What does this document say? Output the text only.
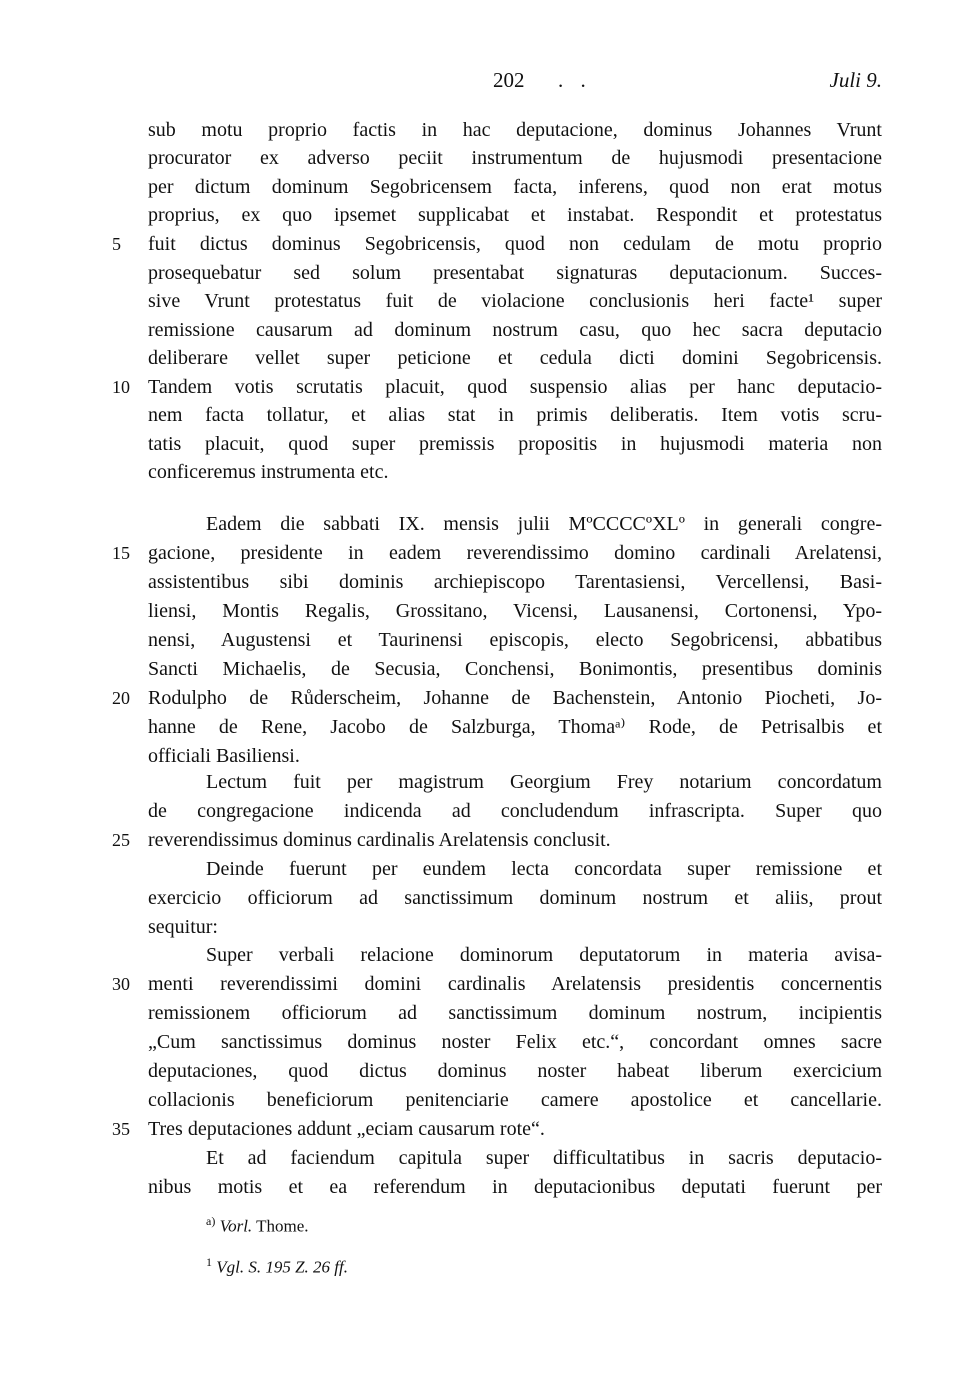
202 . .	Juli 9.
sub motu proprio factis in hac deputacione, dominus Johannes Vrunt
procurator ex adverso peciit instrumentum de hujusmodi presentacione
per dictum dominum Segobricensem facta, inferens, quod non erat motus
proprius, ex quo ipsemet supplicabat et instabat. Respondit et protestatus
fuit dictus dominus Segobricensis, quod non cedulam de motu proprio
prosequebatur sed solum presentabat signaturas deputacionum. Succes-
sive Vrunt protestatus fuit de violacione conclusionis heri facte¹ super
remissione causarum ad dominum nostrum casu, quo hec sacra deputacio
deliberare vellet super peticione et cedula dicti domini Segobricensis.
Tandem votis scrutatis placuit, quod suspensio alias per hanc deputacio-
nem facta tollatur, et alias stat in primis deliberatis. Item votis scru-
tatis placuit, quod super premissis propositis in hujusmodi materia non
conficeremus instrumenta etc.
Eadem die sabbati IX. mensis julii MºCCCCºXLº in generali congre-
gacione, presidente in eadem reverendissimo domino cardinali Arelatensi,
assistentibus sibi dominis archiepiscopo Tarentasiensi, Vercellensi, Basi-
liensi, Montis Regalis, Grossitano, Vicensi, Lausanensi, Cortonensi, Ypo-
nensi, Augustensi et Taurinensi episcopis, electo Segobricensi, abbatibus
Sancti Michaelis, de Secusia, Conchensi, Bonimontis, presentibus dominis
Rodulpho de Růderscheim, Johanne de Bachenstein, Antonio Piocheti, Jo-
hanne de Rene, Jacobo de Salzburga, Thomaᵃ⁾ Rode, de Petrisalbis et
officiali Basiliensi.
Lectum fuit per magistrum Georgium Frey notarium concordatum
de congregacione indicenda ad concludendum infrascripta. Super quo
reverendissimus dominus cardinalis Arelatensis conclusit.
Deinde fuerunt per eundem lecta concordata super remissione et
exercicio officiorum ad sanctissimum dominum nostrum et aliis, prout
sequitur:
Super verbali relacione dominorum deputatorum in materia avisa-
menti reverendissimi domini cardinalis Arelatensis presidentis concernentis
remissionem officiorum ad sanctissimum dominum nostrum, incipientis
„Cum sanctissimus dominus noster Felix etc.“, concordant omnes sacre
deputaciones, quod dictus dominus noster habeat liberum exercicium
collacionis beneficiorum penitenciarie camere apostolice et cancellarie.
Tres deputaciones addunt „eciam causarum rote“.
Et ad faciendum capitula super difficultatibus in sacris deputacio-
nibus motis et ea referendum in deputacionibus deputati fuerunt per
5
10
15
20
25
30
35
$^{a)}$ Vorl. Thome.
$^1$ Vgl. S. 195 Z. 26 ff.
